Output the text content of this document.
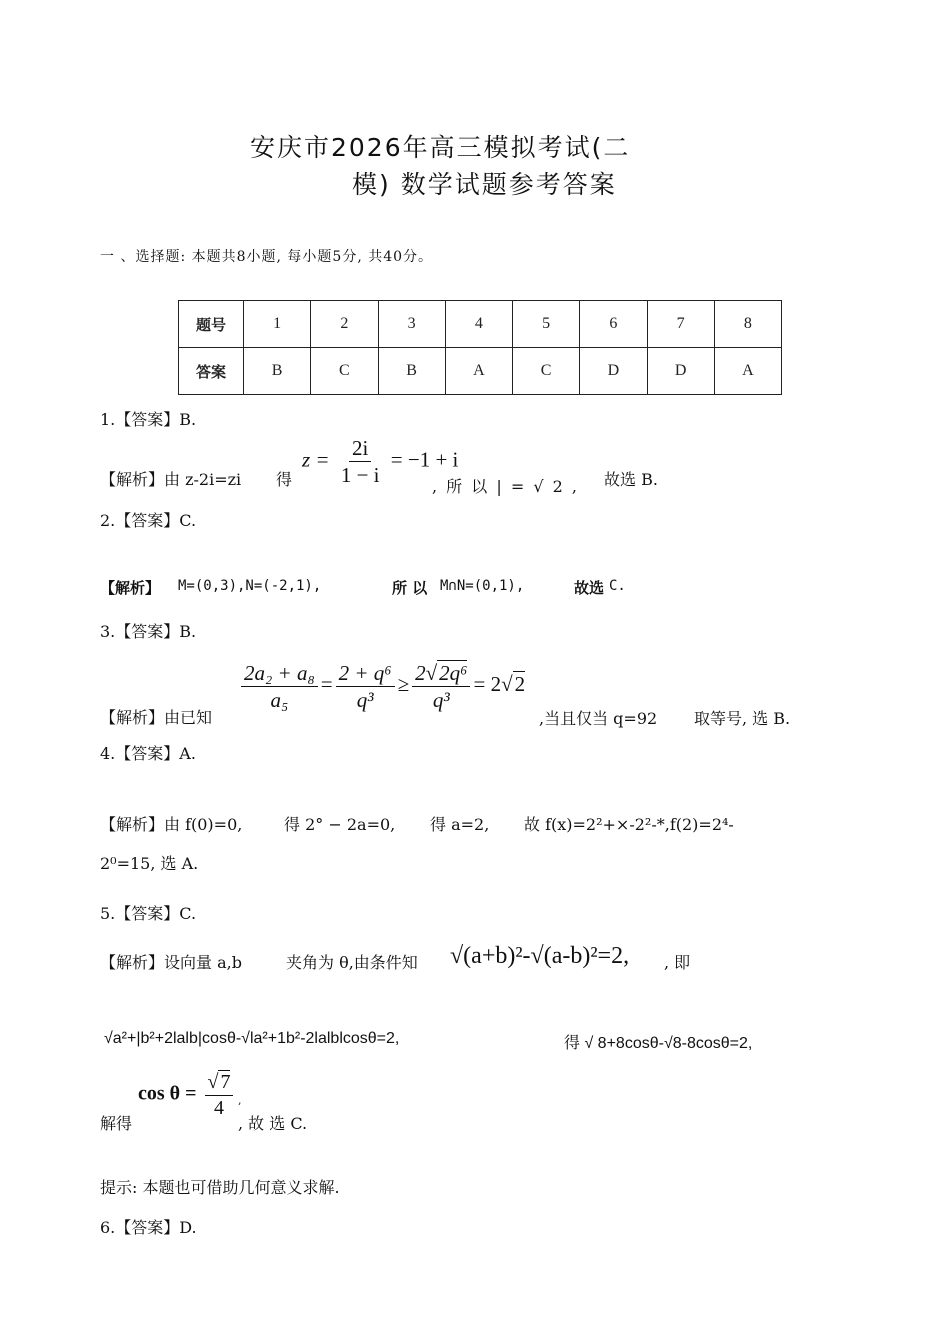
安庆市2026年高三模拟考试(二
模) 数学试题参考答案
一 、选择题: 本题共8小题, 每小题5分, 共40分。
题号	1	2	3	4	5	6	7	8
答案	B	C	B	A	C	D	D	A
1.【答案】B.
【解析】由 z-2i=zi 得
$z = \frac{2i}{1 - i} = -1 + i$
, 所 以 | = √ 2 , 故选 B.
2.【答案】C.
【解析】 M=(0,3),N=(-2,1),	所 以 M∩N=(0,1),	故选 C.
3.【答案】B.
【解析】由已知
$\frac{\text{2a₂ + a₈}}{\text{a₅}} = \frac{\text{2 + q⁶}}{\text{q³}} \ge \frac{\text{2√2q⁶}}{\text{q³}} = 2√2$
,当且仅当 q=92 取等号, 选 B.
4.【答案】A.
【解析】由 f(0)=0,	得 2° − 2a=0, 得 a=2, 故 f(x)=2²+×-2²-*,f(2)=2⁴-
2⁰=15, 选 A.
5.【答案】C.
【解析】设向量 a,b	夹角为 θ,由条件知 √(a+b)²-√(a-b)²=2, , 即
√a²+|b²+2lalb|cosθ-√la²+1b²-2lalblcosθ=2,	得 √ 8+8cosθ-√8-8cosθ=2,
解得
$\cos \theta = \frac{√ 7}{4}$ ,
, 故 选 C.
提示: 本题也可借助几何意义求解.
6.【答案】D.
